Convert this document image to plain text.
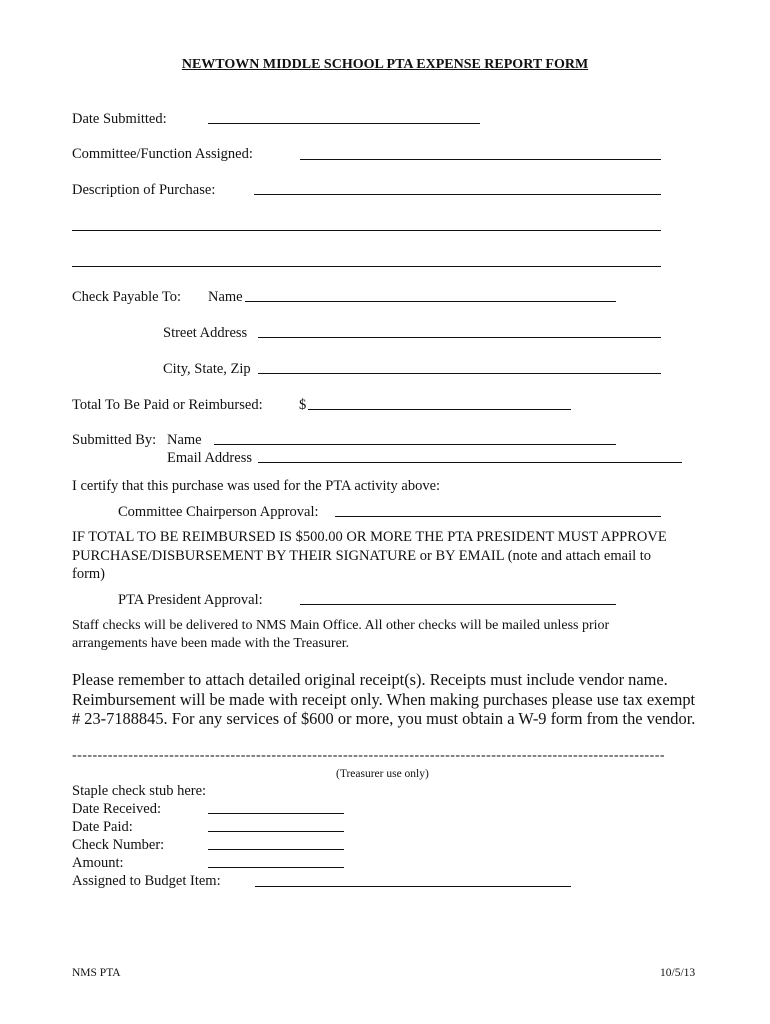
NEWTOWN MIDDLE SCHOOL PTA EXPENSE REPORT FORM
Date Submitted:
Committee/Function Assigned:
Description of Purchase:
Check Payable To: Name
Street Address
City, State, Zip
Total To Be Paid or Reimbursed:	$
Submitted By: Name
Email Address
I certify that this purchase was used for the PTA activity above:
Committee Chairperson Approval:
IF TOTAL TO BE REIMBURSED IS $500.00 OR MORE THE PTA PRESIDENT MUST APPROVE PURCHASE/DISBURSEMENT BY THEIR SIGNATURE or BY EMAIL (note and attach email to form)
PTA President Approval:
Staff checks will be delivered to NMS Main Office. All other checks will be mailed unless prior arrangements have been made with the Treasurer.
Please remember to attach detailed original receipt(s). Receipts must include vendor name. Reimbursement will be made with receipt only. When making purchases please use tax exempt # 23-7188845. For any services of $600 or more, you must obtain a W-9 form from the vendor.
--------------------------------------------------------------------------------------------------------------------
(Treasurer use only)
Staple check stub here:
Date Received:
Date Paid:
Check Number:
Amount:
Assigned to Budget Item:
NMS PTA	10/5/13
